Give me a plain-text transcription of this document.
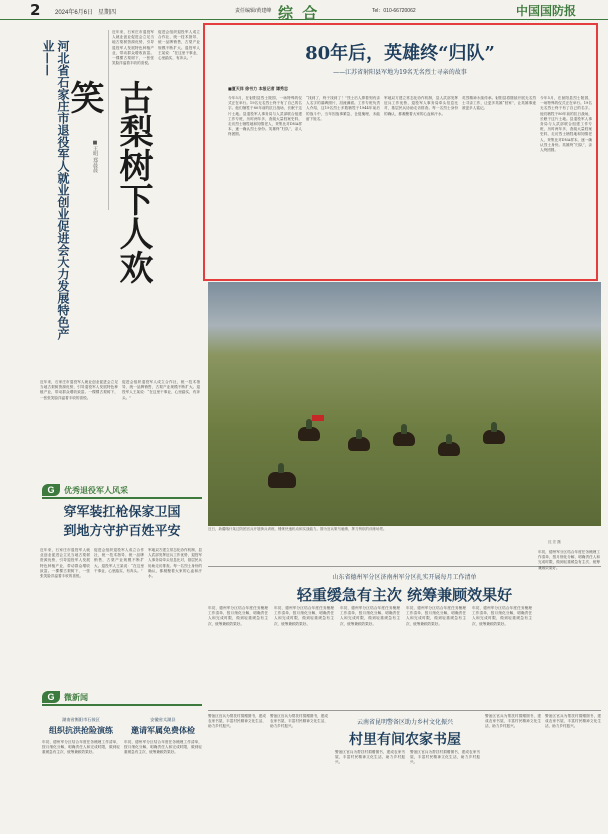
2 2024年6月6日 星期四	责任编辑/黄建峰 综 合	Tel：010-66720062	中国国防报
河北省石家庄市退役军人就业创业促进会大力发展特色产业——
古梨树下人欢笑
■王明 郑晨晨
近年来，石家庄市退役军人就业创业促进会立足当地古梨树资源优势，引导退役军人发展特色种植产业，带动群众增收致富。一棵棵古梨树下，一张张笑脸洋溢着丰收的喜悦。
促进会组织退役军人成立合作社，统一技术指导、统一品牌销售，古梨产业规模不断扩大。退役军人王某说：“在这里干事业，心里踏实，有奔头。”
近年来，石家庄市退役军人就业创业促进会立足当地古梨树资源优势，引导退役军人发展特色种植产业，带动群众增收致富。一棵棵古梨树下，一张张笑脸洋溢着丰收的喜悦。
促进会组织退役军人成立合作社，统一技术指导、统一品牌销售，古梨产业规模不断扩大。退役军人王某说：“在这里干事业，心里踏实，有奔头。”
80年后，英雄终“归队”
——江苏省射阳县军地为19名无名烈士寻亲的故事
■夏天祥 徐书力 本报记者 谭秀忠
今年5月，在射阳县烈士陵园，一场特殊的仪式正在举行。19名无名烈士终于有了自己的名字。他们牺牲于80年前的抗日战场，长眠于这片土地。县退役军人事务局与人武部联合组建工作专班，历时两年多，查阅大量档案史料，走访烈士牺牲地和知情老人，采集比对DNA样本，逐一确认烈士身份。英雄终“归队”，亲人终团圆。
“找到了，终于找到了！”烈士后人捧着刻有亲人名字的墓碑照片，泪流满面。工作专班负责人介绍，这19名烈士多数牺牲于1944年前后的战斗中，当年因战事紧急，仓促掩埋，未能留下姓名。
军地双方建立常态化协作机制，县人武部发挥征兵工作优势，退役军人事务局牵头信息比对，基层民兵协助走访排查。每一名烈士身份的确认，都凝聚着大家的心血和汗水。
英烈精神永续传承。射阳县将继续开展无名烈士寻亲工作，让更多英雄“回家”，让英雄事迹被更多人铭记。
今年5月，在射阳县烈士陵园，一场特殊的仪式正在举行。19名无名烈士终于有了自己的名字。他们牺牲于80年前的抗日战场，长眠于这片土地。县退役军人事务局与人武部联合组建工作专班，历时两年多，查阅大量档案史料，走访烈士牺牲地和知情老人，采集比对DNA样本，逐一确认烈士身份。英雄终“归队”，亲人终团圆。
近日，新疆喀什某边防团官兵开展骑兵训练，锤炼快速机动和实战能力。图为官兵策马驰骋、挥刀劈砍的训练场景。
沈 宏 摄
G	优秀退役军人风采
穿军装扛枪保家卫国
到地方守护百姓平安
近年来，石家庄市退役军人就业创业促进会立足当地古梨树资源优势，引导退役军人发展特色种植产业，带动群众增收致富。一棵棵古梨树下，一张张笑脸洋溢着丰收的喜悦。
促进会组织退役军人成立合作社，统一技术指导、统一品牌销售，古梨产业规模不断扩大。退役军人王某说：“在这里干事业，心里踏实，有奔头。”
军地双方建立常态化协作机制，县人武部发挥征兵工作优势，退役军人事务局牵头信息比对，基层民兵协助走访排查。每一名烈士身份的确认，都凝聚着大家的心血和汗水。	山东省德州军分区济南州军分区扎实开展每月工作清单
轻重缓急有主次 统筹兼顾效果好
年初，德州军分区结合年度任务梳理工作清单，按月细化分解，明确责任人和完成时限，做到轻重缓急有主次、统筹兼顾效果好。
年初，德州军分区结合年度任务梳理工作清单，按月细化分解，明确责任人和完成时限，做到轻重缓急有主次、统筹兼顾效果好。
年初，德州军分区结合年度任务梳理工作清单，按月细化分解，明确责任人和完成时限，做到轻重缓急有主次、统筹兼顾效果好。
年初，德州军分区结合年度任务梳理工作清单，按月细化分解，明确责任人和完成时限，做到轻重缓急有主次、统筹兼顾效果好。
年初，德州军分区结合年度任务梳理工作清单，按月细化分解，明确责任人和完成时限，做到轻重缓急有主次、统筹兼顾效果好。
年初，德州军分区结合年度任务梳理工作清单，按月细化分解，明确责任人和完成时限，做到轻重缓急有主次、统筹兼顾效果好。
G	微新闻
湖南省衡阳市石鼓区
组织抗洪抢险演练
安徽省太湖县
邀请军属免费体检
年初，德州军分区结合年度任务梳理工作清单，按月细化分解，明确责任人和完成时限，做到轻重缓急有主次、统筹兼顾效果好。
年初，德州军分区结合年度任务梳理工作清单，按月细化分解，明确责任人和完成时限，做到轻重缓急有主次、统筹兼顾效果好。
云南省昆明警备区助力乡村文化振兴
村里有间农家书屋
警备区官兵为帮扶村捐赠图书，建成农家书屋，丰富村民精神文化生活，助力乡村振兴。
警备区官兵为帮扶村捐赠图书，建成农家书屋，丰富村民精神文化生活，助力乡村振兴。
警备区官兵为帮扶村捐赠图书，建成农家书屋，丰富村民精神文化生活，助力乡村振兴。
警备区官兵为帮扶村捐赠图书，建成农家书屋，丰富村民精神文化生活，助力乡村振兴。
警备区官兵为帮扶村捐赠图书，建成农家书屋，丰富村民精神文化生活，助力乡村振兴。
警备区官兵为帮扶村捐赠图书，建成农家书屋，丰富村民精神文化生活，助力乡村振兴。
